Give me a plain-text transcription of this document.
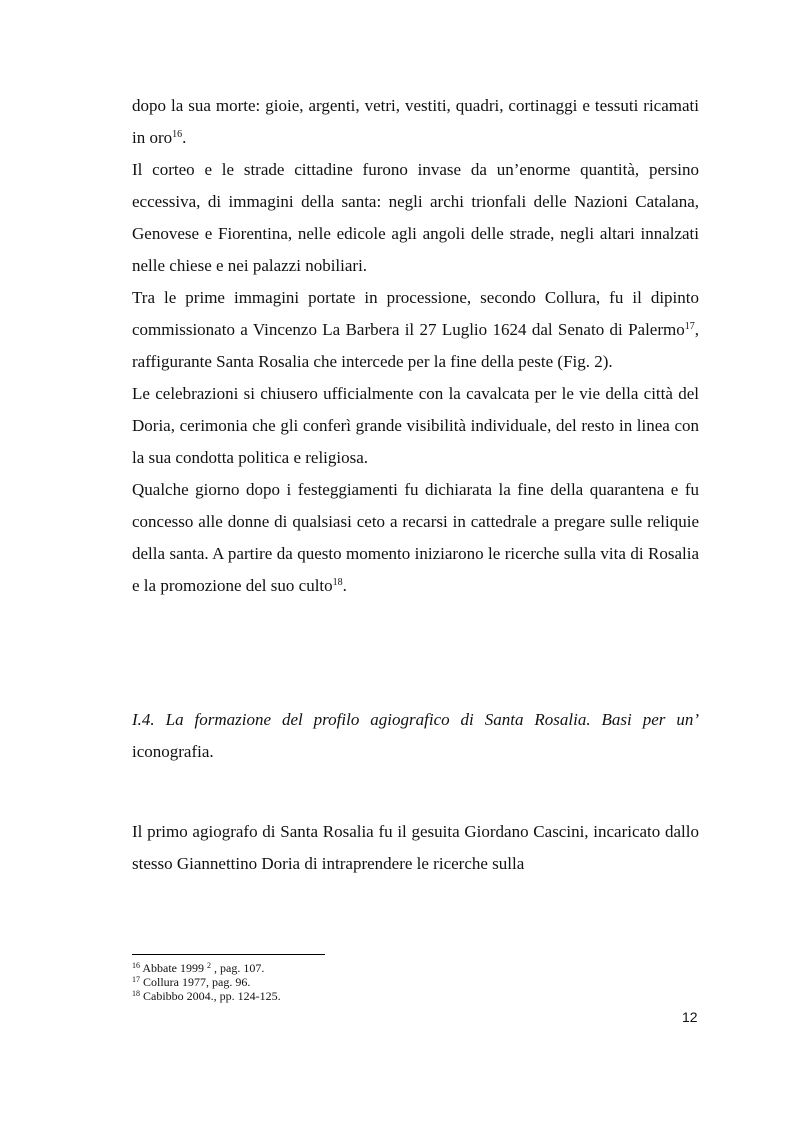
dopo la sua morte: gioie, argenti, vetri, vestiti, quadri, cortinaggi e tessuti ricamati in oro$^{16}$.

Il corteo e le strade cittadine furono invase da un’enorme quantità, persino eccessiva, di immagini della santa: negli archi trionfali delle Nazioni Catalana, Genovese e Fiorentina, nelle edicole agli angoli delle strade, negli altari innalzati nelle chiese e nei palazzi nobiliari.

Tra le prime immagini portate in processione, secondo Collura, fu il dipinto commissionato a Vincenzo La Barbera il 27 Luglio 1624 dal Senato di Palermo$^{17}$, raffigurante Santa Rosalia che intercede per la fine della peste (Fig. 2).

Le celebrazioni si chiusero ufficialmente con la cavalcata per le vie della città del Doria, cerimonia che gli conferì grande visibilità individuale, del resto in linea con la sua condotta politica e religiosa.

Qualche giorno dopo i festeggiamenti fu dichiarata la fine della quarantena e fu concesso alle donne di qualsiasi ceto a recarsi in cattedrale a pregare sulle reliquie della santa. A partire da questo momento iniziarono le ricerche sulla vita di Rosalia e la promozione del suo culto$^{18}$.

I.4. La formazione del profilo agiografico di Santa Rosalia. Basi per un’ iconografia.

Il primo agiografo di Santa Rosalia fu il gesuita Giordano Cascini, incaricato dallo stesso Giannettino Doria di intraprendere le ricerche sulla

$^{16}$ Abbate 1999 $^2$ , pag. 107.

$^{17}$ Collura 1977, pag. 96.

$^{18}$ Cabibbo 2004., pp. 124-125.

12
